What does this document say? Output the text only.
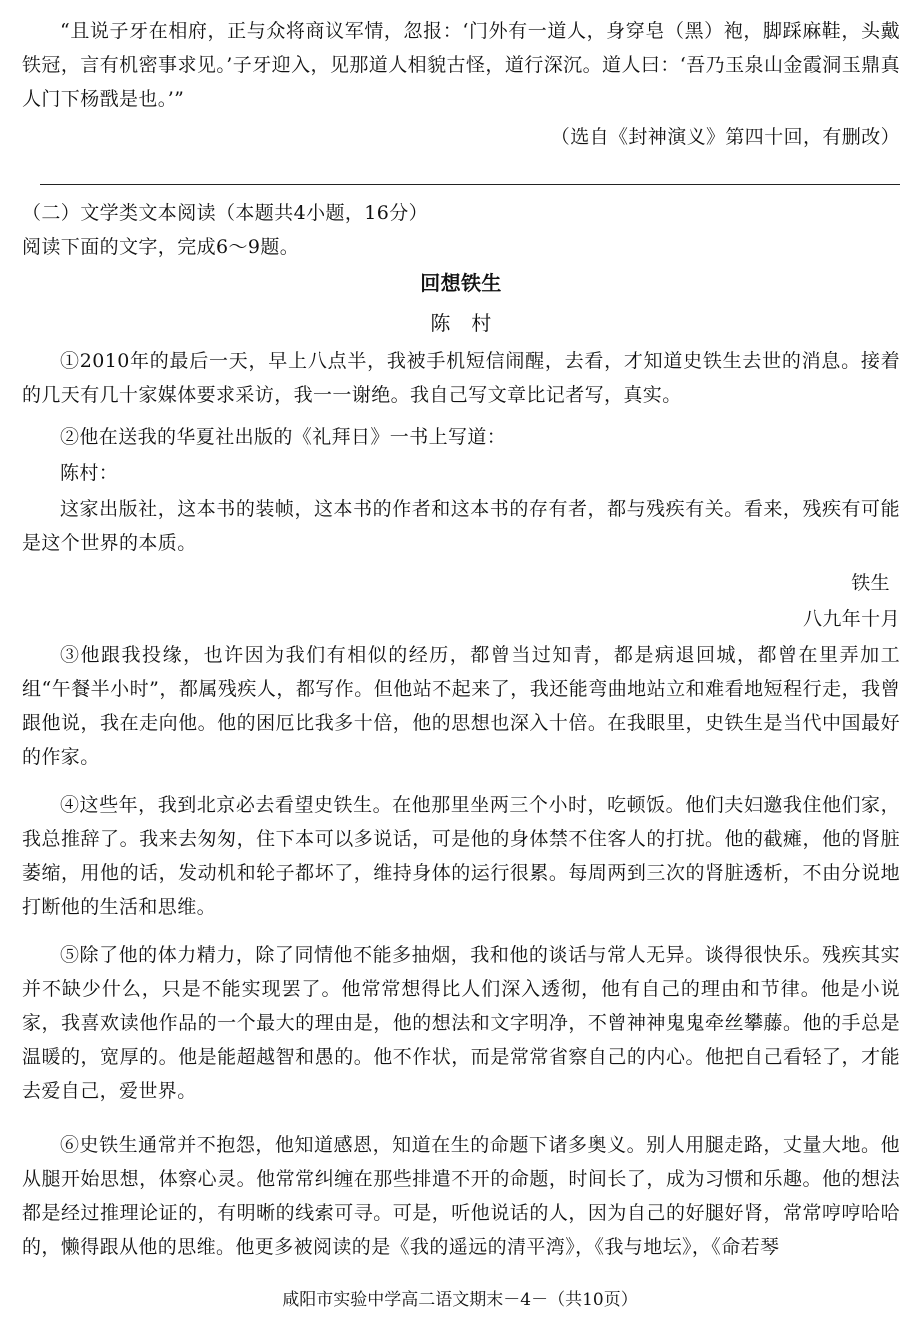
“且说子牙在相府，正与众将商议军情，忽报：‘门外有一道人，身穿皂（黑）袍，脚踩麻鞋，头戴铁冠，言有机密事求见。’子牙迎入，见那道人相貌古怪，道行深沉。道人曰：‘吾乃玉泉山金霞洞玉鼎真人门下杨戬是也。’”
（选自《封神演义》第四十回，有删改）
（二）文学类文本阅读（本题共4小题，16分）
阅读下面的文字，完成6～9题。
回想铁生
陈　村
①2010年的最后一天，早上八点半，我被手机短信闹醒，去看，才知道史铁生去世的消息。接着的几天有几十家媒体要求采访，我一一谢绝。我自己写文章比记者写，真实。
②他在送我的华夏社出版的《礼拜日》一书上写道：
陈村：
这家出版社，这本书的装帧，这本书的作者和这本书的存有者，都与残疾有关。看来，残疾有可能是这个世界的本质。
铁生
八九年十月
③他跟我投缘，也许因为我们有相似的经历，都曾当过知青，都是病退回城，都曾在里弄加工组“午餐半小时”，都属残疾人，都写作。但他站不起来了，我还能弯曲地站立和难看地短程行走，我曾跟他说，我在走向他。他的困厄比我多十倍，他的思想也深入十倍。在我眼里，史铁生是当代中国最好的作家。
④这些年，我到北京必去看望史铁生。在他那里坐两三个小时，吃顿饭。他们夫妇邀我住他们家，我总推辞了。我来去匆匆，住下本可以多说话，可是他的身体禁不住客人的打扰。他的截瘫，他的肾脏萎缩，用他的话，发动机和轮子都坏了，维持身体的运行很累。每周两到三次的肾脏透析，不由分说地打断他的生活和思维。
⑤除了他的体力精力，除了同情他不能多抽烟，我和他的谈话与常人无异。谈得很快乐。残疾其实并不缺少什么，只是不能实现罢了。他常常想得比人们深入透彻，他有自己的理由和节律。他是小说家，我喜欢读他作品的一个最大的理由是，他的想法和文字明净，不曾神神鬼鬼牵丝攀藤。他的手总是温暖的，宽厚的。他是能超越智和愚的。他不作状，而是常常省察自己的内心。他把自己看轻了，才能去爱自己，爱世界。
⑥史铁生通常并不抱怨，他知道感恩，知道在生的命题下诸多奥义。别人用腿走路，丈量大地。他从腿开始思想，体察心灵。他常常纠缠在那些排遣不开的命题，时间长了，成为习惯和乐趣。他的想法都是经过推理论证的，有明晰的线索可寻。可是，听他说话的人，因为自己的好腿好肾，常常哼哼哈哈的，懒得跟从他的思维。他更多被阅读的是《我的遥远的清平湾》，《我与地坛》，《命若琴
咸阳市实验中学高二语文期末－4－（共10页）
